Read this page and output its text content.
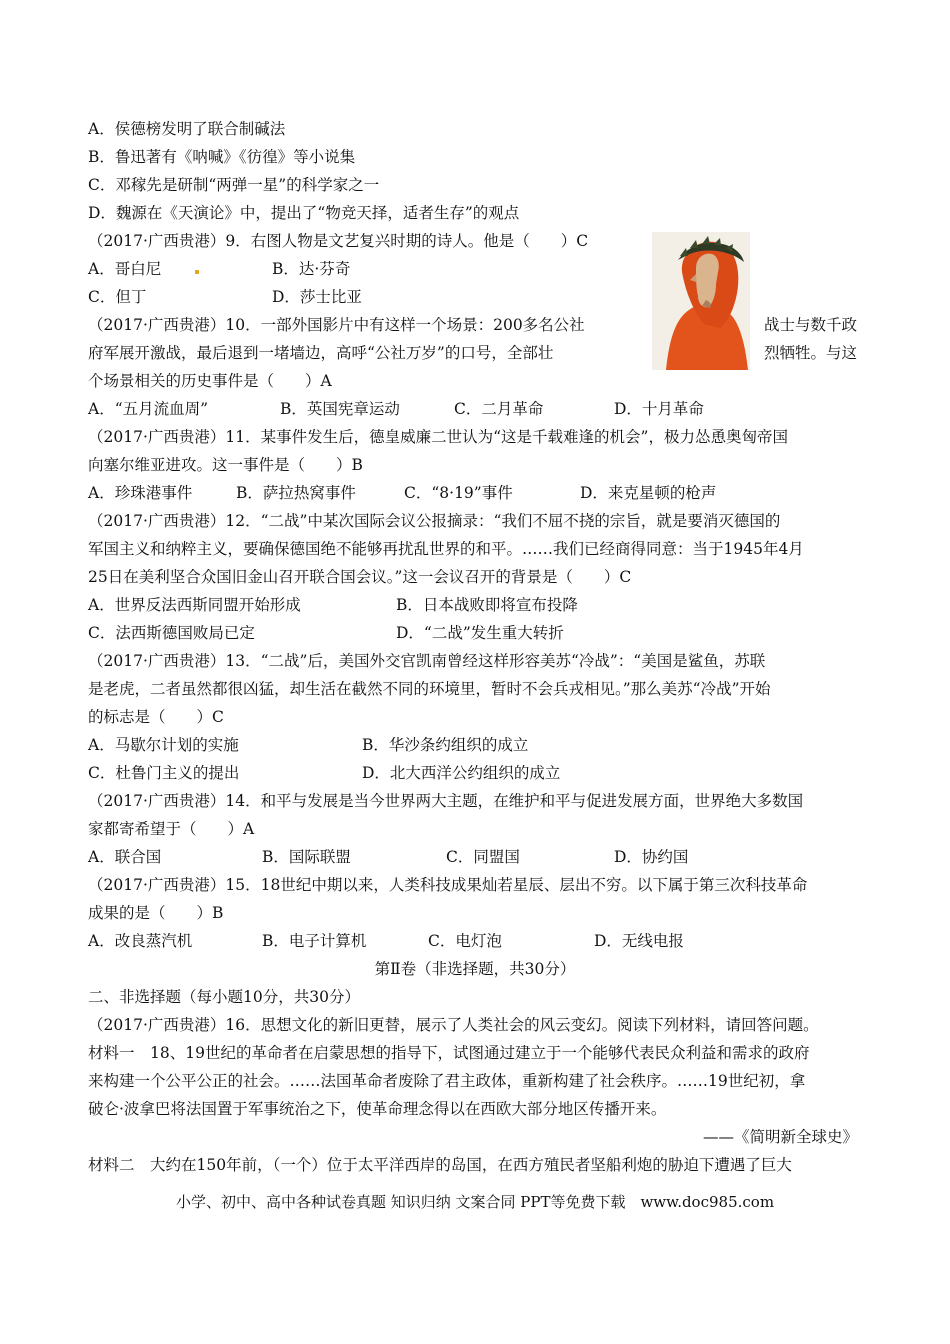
A．侯德榜发明了联合制碱法
B．鲁迅著有《呐喊》《彷徨》等小说集
C．邓稼先是研制“两弹一星”的科学家之一
D．魏源在《天演论》中，提出了“物竞天择，适者生存”的观点
（2017·广西贵港）9．右图人物是文艺复兴时期的诗人。他是（　　）C
A．哥白尼	B．达·芬奇
C．但丁	D．莎士比亚
（2017·广西贵港）10．一部外国影片中有这样一个场景：200多名公社	战士与数千政
府军展开激战，最后退到一堵墙边，高呼“公社万岁”的口号，全部壮	烈牺牲。与这
个场景相关的历史事件是（　　）A
A．“五月流血周”	B．英国宪章运动	C．二月革命	D．十月革命
（2017·广西贵港）11．某事件发生后，德皇威廉二世认为“这是千载难逢的机会”，极力怂恿奥匈帝国
向塞尔维亚进攻。这一事件是（　　）B
A．珍珠港事件	B．萨拉热窝事件	C．“8·19”事件	D．来克星顿的枪声
（2017·广西贵港）12．“二战”中某次国际会议公报摘录：“我们不屈不挠的宗旨，就是要消灭德国的
军国主义和纳粹主义，要确保德国绝不能够再扰乱世界的和平。……我们已经商得同意：当于1945年4月
25日在美利坚合众国旧金山召开联合国会议。”这一会议召开的背景是（　　）C
A．世界反法西斯同盟开始形成	B．日本战败即将宣布投降
C．法西斯德国败局已定	D．“二战”发生重大转折
（2017·广西贵港）13．“二战”后，美国外交官凯南曾经这样形容美苏“冷战”：“美国是鲨鱼，苏联
是老虎，二者虽然都很凶猛，却生活在截然不同的环境里，暂时不会兵戎相见。”那么美苏“冷战”开始
的标志是（　　）C
A．马歇尔计划的实施	B．华沙条约组织的成立
C．杜鲁门主义的提出	D．北大西洋公约组织的成立
（2017·广西贵港）14．和平与发展是当今世界两大主题，在维护和平与促进发展方面，世界绝大多数国
家都寄希望于（　　）A
A．联合国	B．国际联盟	C．同盟国	D．协约国
（2017·广西贵港）15．18世纪中期以来，人类科技成果灿若星辰、层出不穷。以下属于第三次科技革命
成果的是（　　）B
A．改良蒸汽机	B．电子计算机	C．电灯泡	D．无线电报
第Ⅱ卷（非选择题，共30分）
二、非选择题（每小题10分，共30分）
（2017·广西贵港）16．思想文化的新旧更替，展示了人类社会的风云变幻。阅读下列材料，请回答问题。
材料一　18、19世纪的革命者在启蒙思想的指导下，试图通过建立于一个能够代表民众利益和需求的政府
来构建一个公平公正的社会。……法国革命者废除了君主政体，重新构建了社会秩序。……19世纪初，拿
破仑·波拿巴将法国置于军事统治之下，使革命理念得以在西欧大部分地区传播开来。
——《简明新全球史》
材料二　大约在150年前，（一个）位于太平洋西岸的岛国，在西方殖民者坚船利炮的胁迫下遭遇了巨大
小学、初中、高中各种试卷真题 知识归纳 文案合同 PPT等免费下载　www.doc985.com
